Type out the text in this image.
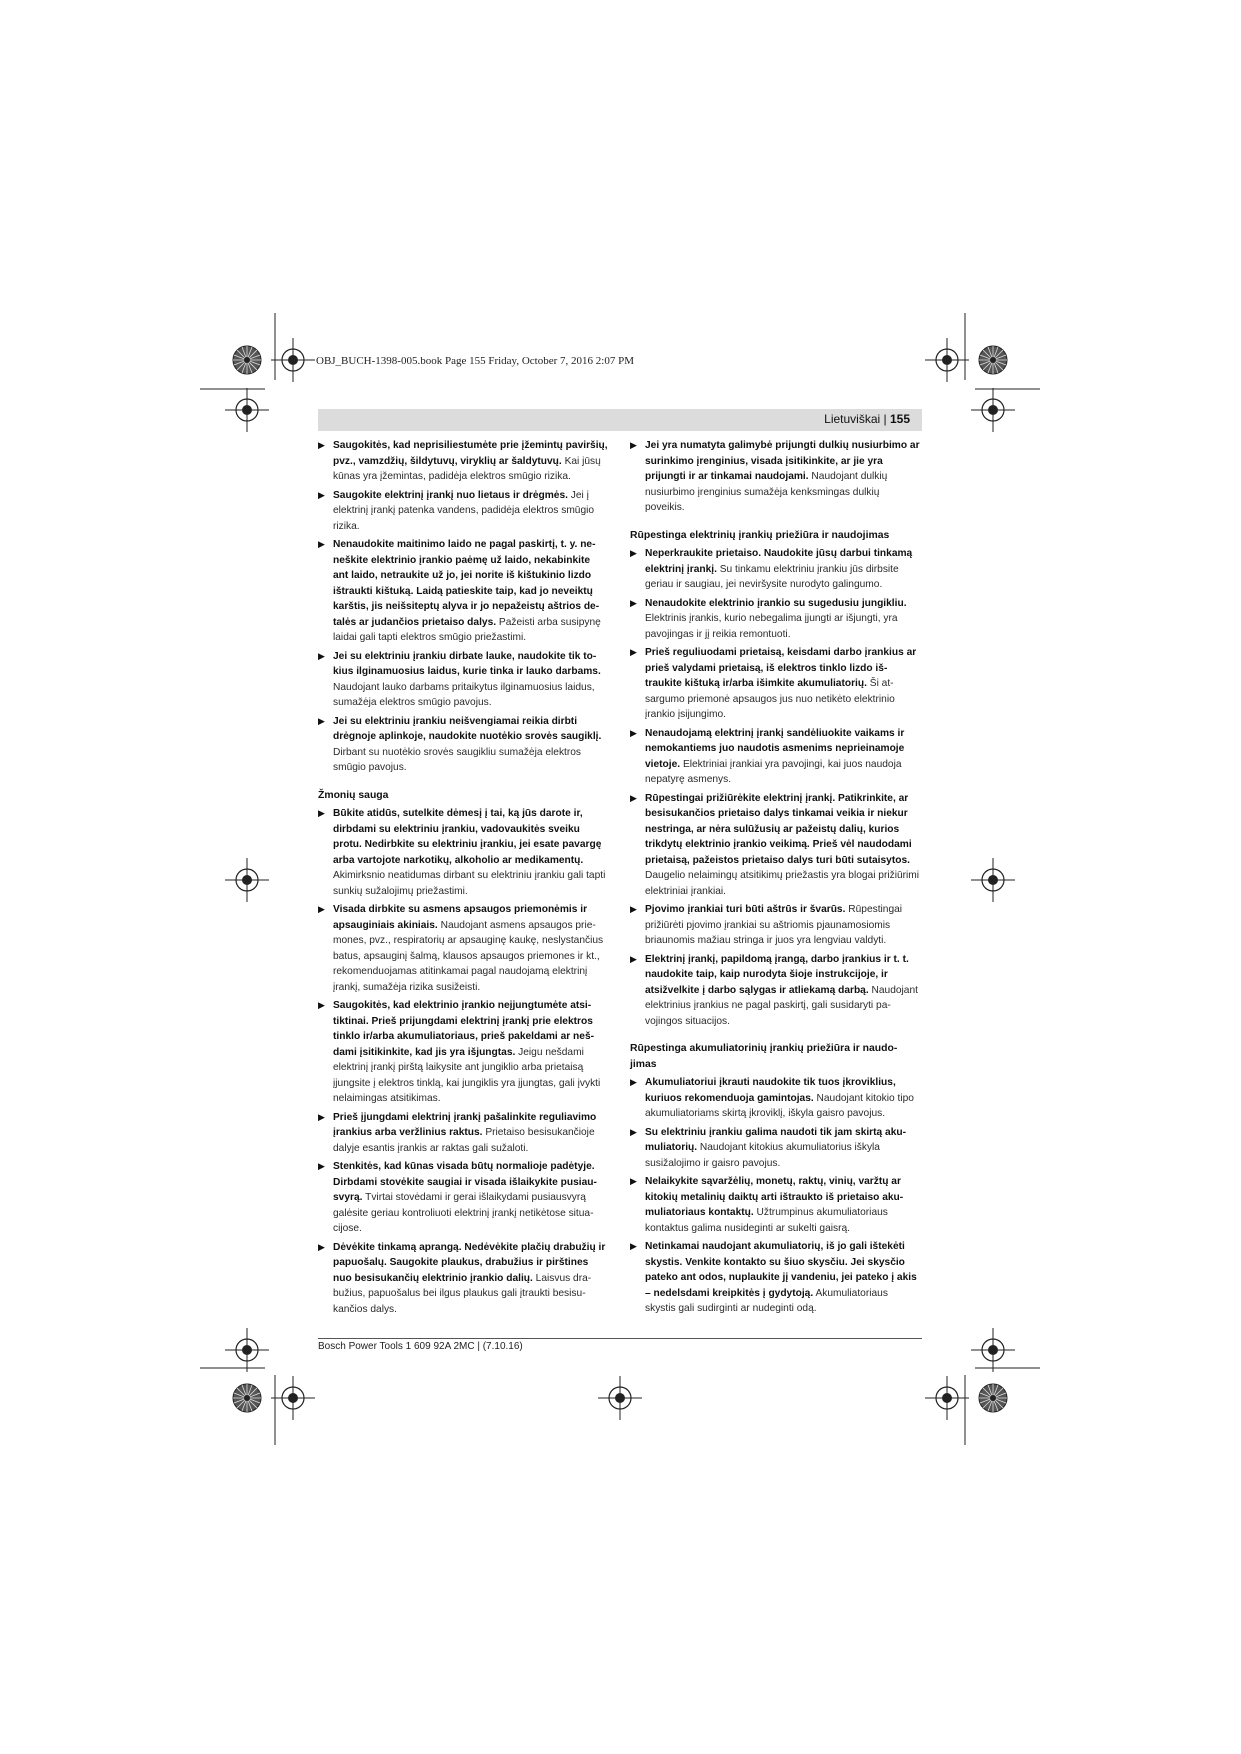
OBJ_BUCH-1398-005.book Page 155 Friday, October 7, 2016 2:07 PM
Lietuviškai | 155
▶ Saugokitės, kad neprisiliestumėte prie įžemintų paviršių, pvz., vamzdžių, šildytuvų, viryklių ar šaldytuvų. Kai jūsų kūnas yra įžemintas, padidėja elektros smūgio rizika.
▶ Saugokite elektrinį įrankį nuo lietaus ir drėgmės. Jei į elektrinį įrankį patenka vandens, padidėja elektros smūgio rizika.
▶ Nenaudokite maitinimo laido ne pagal paskirtį, t. y. neneškite elektrinio įrankio paėmę už laido, nekabinkite ant laido, netraukite už jo, jei norite iš kištukinio lizdo ištraukti kištuką. Laidą patieskite taip, kad jo neveiktų karštis, jis neišsiteptų alyva ir jo nepažeistų aštrios detalės ar judančios prietaiso dalys. Pažeisti arba susipynę laidai gali tapti elektros smūgio priežastimi.
▶ Jei su elektriniu įrankiu dirbate lauke, naudokite tik tokius ilginamuosius laidus, kurie tinka ir lauko darbams. Naudojant lauko darbams pritaikytus ilginamuosius laidus, sumažėja elektros smūgio pavojus.
▶ Jei su elektriniu įrankiu neišvengiamai reikia dirbti drėgnoje aplinkoje, naudokite nuotėkio srovės saugiklį. Dirbant su nuotėkio srovės saugikliu sumažėja elektros smūgio pavojus.
Žmonių sauga
▶ Būkite atidūs, sutelkite dėmesį į tai, ką jūs darote ir, dirbdami su elektriniu įrankiu, vadovaukitės sveiku protu. Nedirbkite su elektriniu įrankiu, jei esate pavargę arba vartojote narkotikų, alkoholio ar medikamentų. Akimirksnio neatidumas dirbant su elektriniu įrankiu gali tapti sunkių sužalojimų priežastimi.
▶ Visada dirbkite su asmens apsaugos priemonėmis ir apsauginiais akiniais. Naudojant asmens apsaugos priemones, pvz., respiratorių ar apsauginę kaukę, neslystančius batus, apsauginį šalmą, klausos apsaugos priemones ir kt., rekomenduojamas atitinkamai pagal naudojamą elektrinį įrankį, sumažėja rizika susižeisti.
▶ Saugokitės, kad elektrinio įrankio neįjungtumėte atsitiktinai. Prieš prijungdami elektrinį įrankį prie elektros tinklo ir/arba akumuliatoriaus, prieš pakeldami ar nešdami įsitikinkite, kad jis yra išjungtas. Jeigu nešdami elektrinį įrankį pirštą laikysite ant jungiklio arba prietaisą įjungsite į elektros tinklą, kai jungiklis yra įjungtas, gali įvykti nelaimingas atsitikimas.
▶ Prieš įjungdami elektrinį įrankį pašalinkite reguliavimo įrankius arba veržlinius raktus. Prietaiso besisukančioje dalyje esantis įrankis ar raktas gali sužaloti.
▶ Stenkitės, kad kūnas visada būtų normalioje padėtyje. Dirbdami stovėkite saugiai ir visada išlaikykite pusiausvyrą. Tvirtai stovėdami ir gerai išlaikydami pusiausvyrą galėsite geriau kontroliuoti elektrinį įrankį netikėtose situacijose.
▶ Dėvėkite tinkamą aprangą. Nedėvėkite plačių drabužių ir papuošalų. Saugokite plaukus, drabužius ir pirštines nuo besisukančių elektrinio įrankio dalių. Laisvus drabužius, papuošalus bei ilgus plaukus gali įtraukti besisukančios dalys.
▶ Jei yra numatyta galimybė prijungti dulkių nusiurbimo ar surinkimo įrenginius, visada įsitikinkite, ar jie yra prijungti ir ar tinkamai naudojami. Naudojant dulkių nusiurbimo įrenginius sumažėja kenksmingas dulkių poveikis.
Rūpestinga elektrinių įrankių priežiūra ir naudojimas
▶ Neperkraukite prietaiso. Naudokite jūsų darbui tinkamą elektrinį įrankį. Su tinkamu elektriniu įrankiu jūs dirbsite geriau ir saugiau, jei neviršysite nurodyto galingumo.
▶ Nenaudokite elektrinio įrankio su sugedusiu jungikliu. Elektrinis įrankis, kurio nebegalima įjungti ar išjungti, yra pavojingas ir jį reikia remontuoti.
▶ Prieš reguliuodami prietaisą, keisdami darbo įrankius ar prieš valydami prietaisą, iš elektros tinklo lizdo ištraukite kištuką ir/arba išimkite akumuliatorių. Ši atsargumo priemonė apsaugos jus nuo netikėto elektrinio įrankio įsijungimo.
▶ Nenaudojamą elektrinį įrankį sandėliuokite vaikams ir nemokantiems juo naudotis asmenims neprieinamoje vietoje. Elektriniai įrankiai yra pavojingi, kai juos naudoja nepatyrę asmenys.
▶ Rūpestingai prižiūrėkite elektrinį įrankį. Patikrinkite, ar besisukančios prietaiso dalys tinkamai veikia ir niekur nestringa, ar nėra sulūžusių ar pažeistų dalių, kurios trikdytų elektrinio įrankio veikimą. Prieš vėl naudodami prietaisą, pažeistos prietaiso dalys turi būti sutaisytos. Daugelio nelaimingų atsitikimų priežastis yra blogai prižiūrimi elektriniai įrankiai.
▶ Pjovimo įrankiai turi būti aštrūs ir švarūs. Rūpestingai prižiūrėti pjovimo įrankiai su aštriomis pjaunamosiomis briaunomis mažiau stringa ir juos yra lengviau valdyti.
▶ Elektrinį įrankį, papildomą įrangą, darbo įrankius ir t. t. naudokite taip, kaip nurodyta šioje instrukcijoje, ir atsižvelkite į darbo sąlygas ir atliekamą darbą. Naudojant elektrinius įrankius ne pagal paskirtį, gali susidaryti pavojingos situacijos.
Rūpestinga akumuliatorinių įrankių priežiūra ir naudojimas
▶ Akumuliatoriui įkrauti naudokite tik tuos įkroviklius, kuriuos rekomenduoja gamintojas. Naudojant kitokio tipo akumuliatoriams skirtą įkroviklį, iškyla gaisro pavojus.
▶ Su elektriniu įrankiu galima naudoti tik jam skirtą akumuliatorių. Naudojant kitokius akumuliatorius iškyla susižalojimo ir gaisro pavojus.
▶ Nelaikykite sąvaržėlių, monetų, raktų, vinių, varžtų ar kitokių metalinių daiktų arti ištraukto iš prietaiso akumuliatoriaus kontaktų. Užtrumpinus akumuliatoriaus kontaktus galima nusideginti ar sukelti gaisrą.
▶ Netinkamai naudojant akumuliatorių, iš jo gali ištekėti skystis. Venkite kontakto su šiuo skysčiu. Jei skysčio pateko ant odos, nuplaukite jį vandeniu, jei pateko į akis – nedelsdami kreipkitės į gydytoją. Akumuliatoriaus skystis gali sudirginti ar nudeginti odą.
Bosch Power Tools 1 609 92A 2MC | (7.10.16)
